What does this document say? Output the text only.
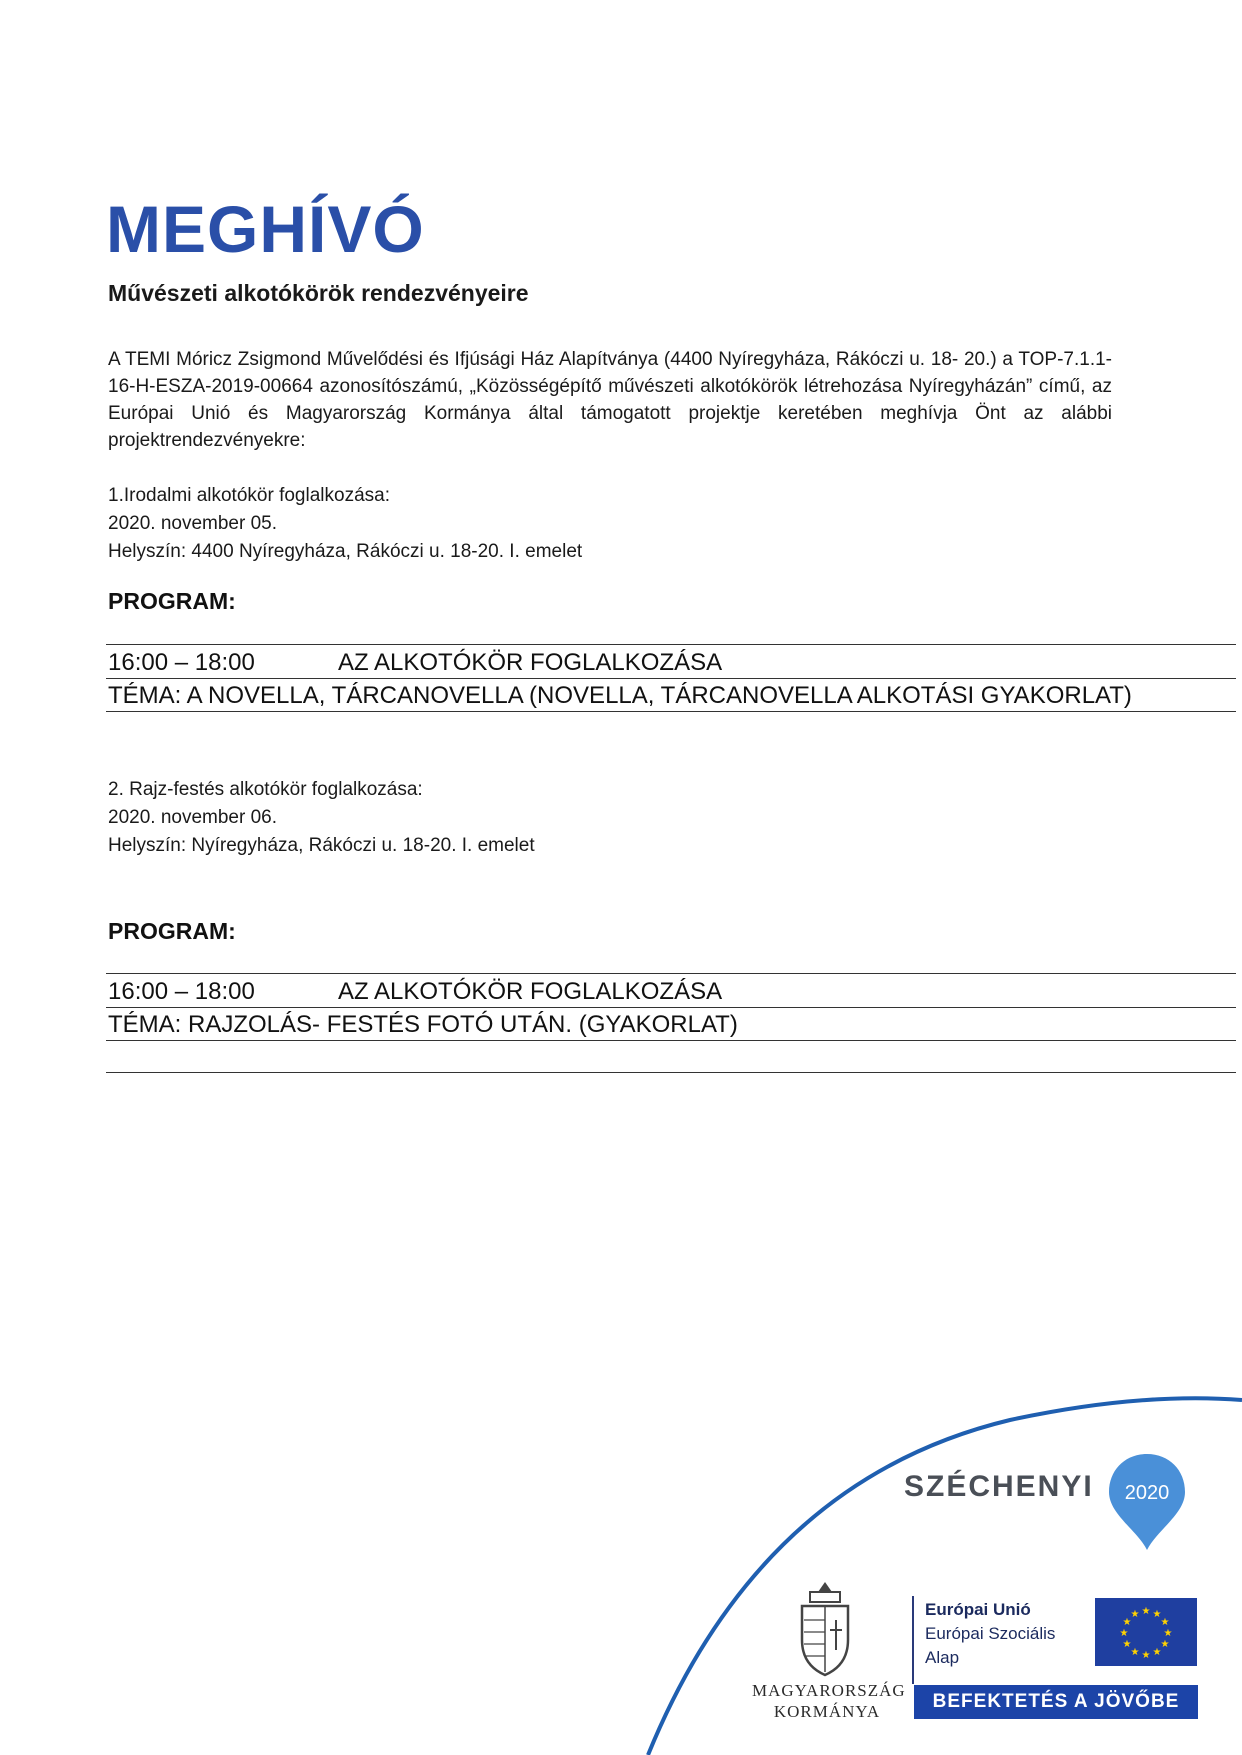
MEGHÍVÓ
Művészeti alkotókörök rendezvényeire
A TEMI Móricz Zsigmond Művelődési és Ifjúsági Ház Alapítványa (4400 Nyíregyháza, Rákóczi u. 18- 20.) a TOP-7.1.1-16-H-ESZA-2019-00664 azonosítószámú, „Közösségépítő művészeti alkotókörök létrehozása Nyíregyházán” című, az Európai Unió és Magyarország Kormánya által támogatott projektje keretében meghívja Önt az alábbi projektrendezvényekre:
1.Irodalmi alkotókör foglalkozása:
2020. november 05.
Helyszín: 4400 Nyíregyháza, Rákóczi u. 18-20. I. emelet
PROGRAM:
16:00 – 18:00	AZ ALKOTÓKÖR FOGLALKOZÁSA
TÉMA: A NOVELLA, TÁRCANOVELLA (NOVELLA, TÁRCANOVELLA ALKOTÁSI GYAKORLAT)
2. Rajz-festés alkotókör foglalkozása:
2020. november 06.
Helyszín: Nyíregyháza, Rákóczi u. 18-20. I. emelet
PROGRAM:
16:00 – 18:00	AZ ALKOTÓKÖR FOGLALKOZÁSA
TÉMA: RAJZOLÁS- FESTÉS FOTÓ UTÁN. (GYAKORLAT)
SZÉCHENYI 2020
MAGYARORSZÁG
KORMÁNYA
Európai Unió
Európai Szociális
Alap
★ ★
★
★
★
★
★
★
★
★
★
★
BEFEKTETÉS A JÖVŐBE
